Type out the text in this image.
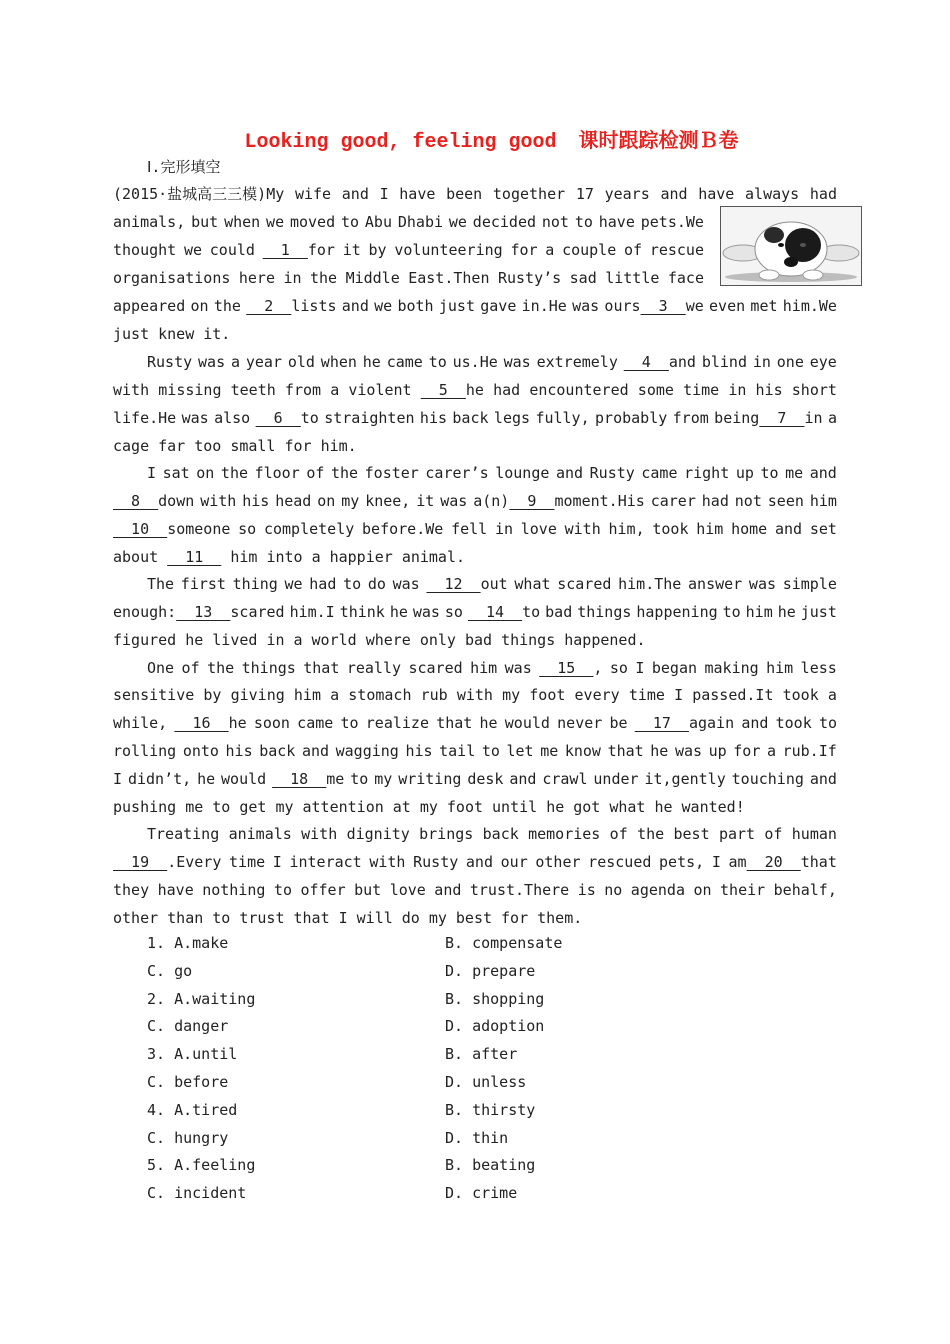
Looking good, feeling good 课时跟踪检测Ｂ卷
Ⅰ.完形填空
(2015·盐城高三三模)My wife and I have been together 17 years and have always had
animals, but when we moved to Abu Dhabi we decided not to have pets.We
thought we could 1  for it by volunteering for a couple of rescue
organisations here in the Middle East.Then Rusty’s sad little face
appeared on the 2  lists and we both just gave in.He was ours  3  we even met him.We
just knew it.
Rusty was a year old when he came to us.He was extremely 4  and blind in one eye
with missing teeth from a violent 5  he had encountered some time in his short
life.He was also 6  to straighten his back legs fully, probably from being  7  in a
cage far too small for him.
I sat on the floor of the foster carer’s lounge and Rusty came right up to me and
8  down with his head on my knee, it was a(n)  9  moment.His carer had not seen him
10  someone so completely before.We fell in love with him, took him home and set
about 11  him into a happier animal.
The first thing we had to do was 12  out what scared him.The answer was simple
enough:  13  scared him.I think he was so 14  to bad things happening to him he just
figured he lived in a world where only bad things happened.
One of the things that really scared him was 15  , so I began making him less
sensitive by giving him a stomach rub with my foot every time I passed.It took a
while, 16  he soon came to realize that he would never be 17  again and took to
rolling onto his back and wagging his tail to let me know that he was up for a rub.If
I didn’t, he would 18  me to my writing desk and crawl under it,gently touching and
pushing me to get my attention at my foot until he got what he wanted!
Treating animals with dignity brings back memories of the best part of human
19  .Every time I interact with Rusty and our other rescued pets, I am  20  that
they have nothing to offer but love and trust.There is no agenda on their behalf,
other than to trust that I will do my best for them.
1. A.make	B. compensate
C. go	D. prepare
2. A.waiting	B. shopping
C. danger	D. adoption
3. A.until	B. after
C. before	D. unless
4. A.tired	B. thirsty
C. hungry	D. thin
5. A.feeling	B. beating
C. incident	D. crime
